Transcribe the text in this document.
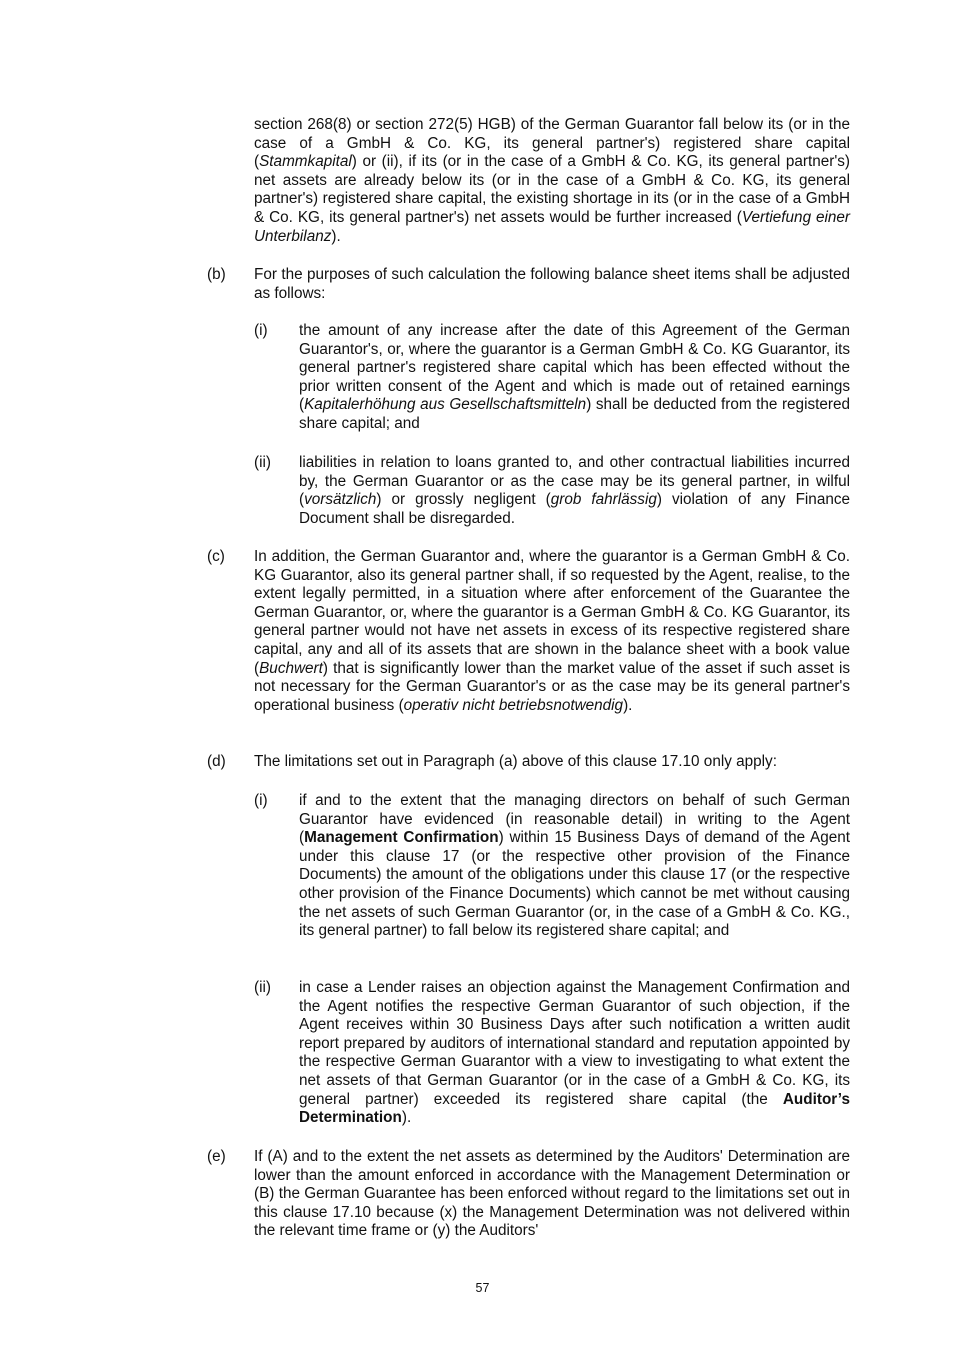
section 268(8) or section 272(5) HGB) of the German Guarantor fall below its (or in the case of a GmbH & Co. KG, its general partner's) registered share capital (Stammkapital) or (ii), if its (or in the case of a GmbH & Co. KG, its general partner's) net assets are already below its (or in the case of a GmbH & Co. KG, its general partner's) registered share capital, the existing shortage in its (or in the case of a GmbH & Co. KG, its general partner's) net assets would be further increased (Vertiefung einer Unterbilanz).
(b) For the purposes of such calculation the following balance sheet items shall be adjusted as follows:
(i) the amount of any increase after the date of this Agreement of the German Guarantor's, or, where the guarantor is a German GmbH & Co. KG Guarantor, its general partner's registered share capital which has been effected without the prior written consent of the Agent and which is made out of retained earnings (Kapitalerhöhung aus Gesellschaftsmitteln) shall be deducted from the registered share capital; and
(ii) liabilities in relation to loans granted to, and other contractual liabilities incurred by, the German Guarantor or as the case may be its general partner, in wilful (vorsätzlich) or grossly negligent (grob fahrlässig) violation of any Finance Document shall be disregarded.
(c) In addition, the German Guarantor and, where the guarantor is a German GmbH & Co. KG Guarantor, also its general partner shall, if so requested by the Agent, realise, to the extent legally permitted, in a situation where after enforcement of the Guarantee the German Guarantor, or, where the guarantor is a German GmbH & Co. KG Guarantor, its general partner would not have net assets in excess of its respective registered share capital, any and all of its assets that are shown in the balance sheet with a book value (Buchwert) that is significantly lower than the market value of the asset if such asset is not necessary for the German Guarantor's or as the case may be its general partner's operational business (operativ nicht betriebsnotwendig).
(d) The limitations set out in Paragraph (a) above of this clause 17.10 only apply:
(i) if and to the extent that the managing directors on behalf of such German Guarantor have evidenced (in reasonable detail) in writing to the Agent (Management Confirmation) within 15 Business Days of demand of the Agent under this clause 17 (or the respective other provision of the Finance Documents) the amount of the obligations under this clause 17 (or the respective other provision of the Finance Documents) which cannot be met without causing the net assets of such German Guarantor (or, in the case of a GmbH & Co. KG., its general partner) to fall below its registered share capital; and
(ii) in case a Lender raises an objection against the Management Confirmation and the Agent notifies the respective German Guarantor of such objection, if the Agent receives within 30 Business Days after such notification a written audit report prepared by auditors of international standard and reputation appointed by the respective German Guarantor with a view to investigating to what extent the net assets of that German Guarantor (or in the case of a GmbH & Co. KG, its general partner) exceeded its registered share capital (the Auditor’s Determination).
(e) If (A) and to the extent the net assets as determined by the Auditors' Determination are lower than the amount enforced in accordance with the Management Determination or (B) the German Guarantee has been enforced without regard to the limitations set out in this clause 17.10 because (x) the Management Determination was not delivered within the relevant time frame or (y) the Auditors'
57
